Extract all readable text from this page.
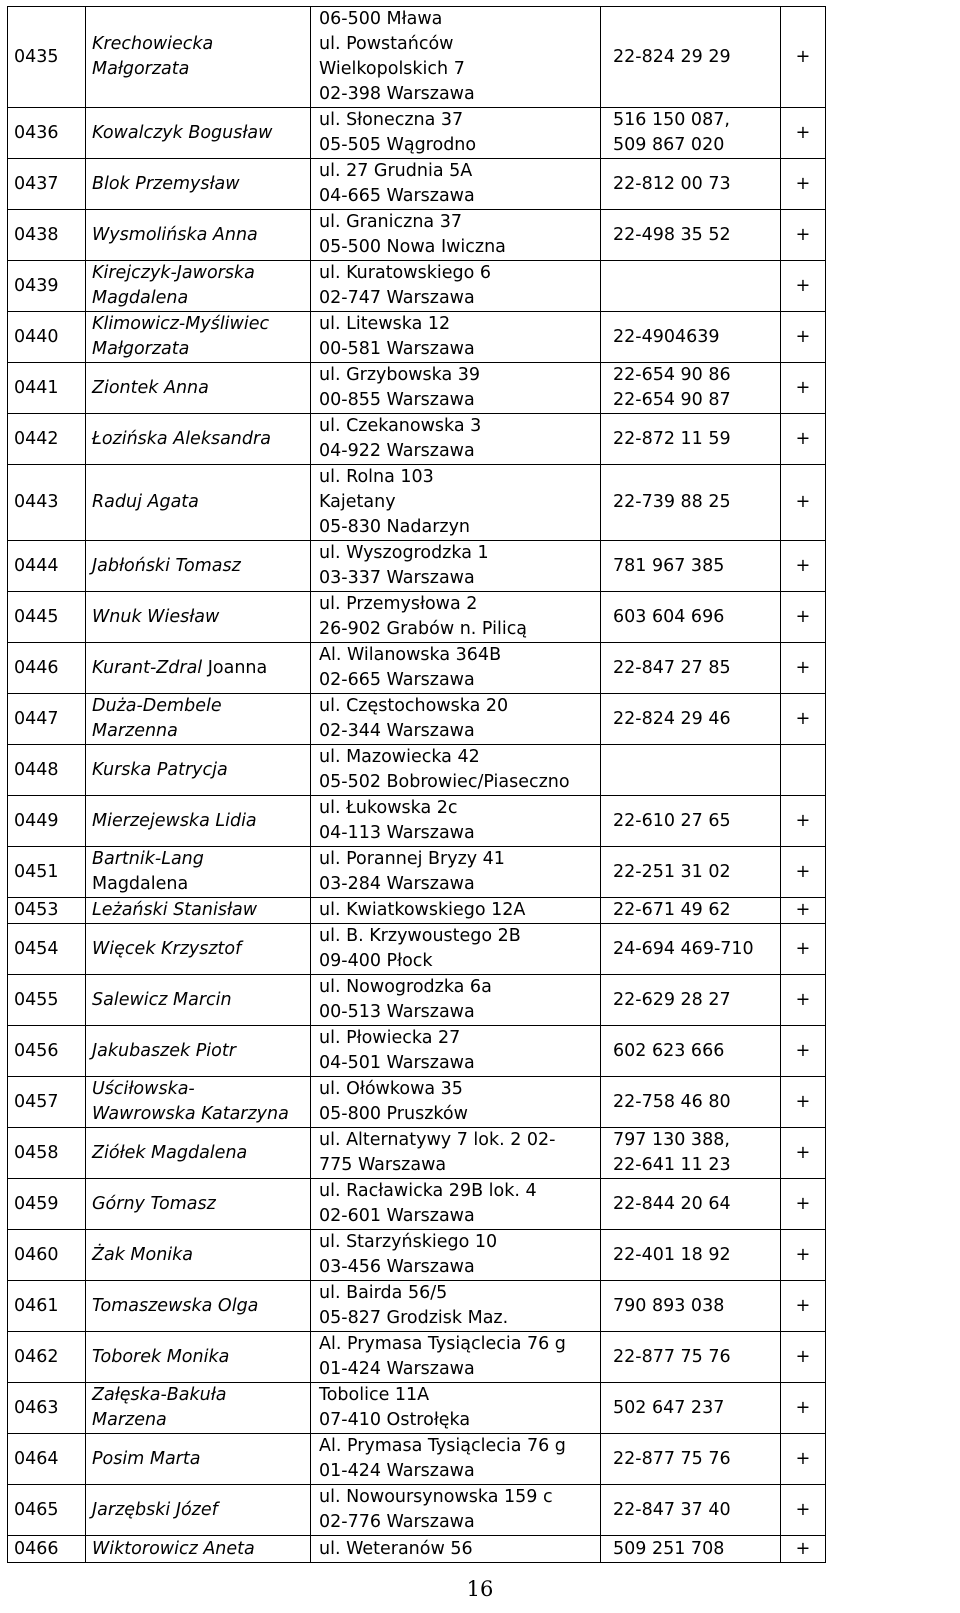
0435	Krechowiecka
Małgorzata	06-500 Mława
ul. Powstańców
Wielkopolskich 7
02-398 Warszawa	22-824 29 29	+
0436	Kowalczyk Bogusław	ul. Słoneczna 37
05-505 Wągrodno	516 150 087,
509 867 020	+
0437	Blok Przemysław	ul. 27 Grudnia 5A
04-665 Warszawa	22-812 00 73	+
0438	Wysmolińska Anna	ul. Graniczna 37
05-500 Nowa Iwiczna	22-498 35 52	+
0439	Kirejczyk-Jaworska
Magdalena	ul. Kuratowskiego 6
02-747 Warszawa		+
0440	Klimowicz-Myśliwiec
Małgorzata	ul. Litewska 12
00-581 Warszawa	22-4904639	+
0441	Ziontek Anna	ul. Grzybowska 39
00-855 Warszawa	22-654 90 86
22-654 90 87	+
0442	Łozińska Aleksandra	ul. Czekanowska 3
04-922 Warszawa	22-872 11 59	+
0443	Raduj Agata	ul. Rolna 103
Kajetany
05-830 Nadarzyn	22-739 88 25	+
0444	Jabłoński Tomasz	ul. Wyszogrodzka 1
03-337 Warszawa	781 967 385	+
0445	Wnuk Wiesław	ul. Przemysłowa 2
26-902 Grabów n. Pilicą	603 604 696	+
0446	Kurant-Zdral Joanna	Al. Wilanowska 364B
02-665 Warszawa	22-847 27 85	+
0447	Duża-Dembele
Marzenna	ul. Częstochowska 20
02-344 Warszawa	22-824 29 46	+
0448	Kurska Patrycja	ul. Mazowiecka 42
05-502 Bobrowiec/Piaseczno		
0449	Mierzejewska Lidia	ul. Łukowska 2c
04-113 Warszawa	22-610 27 65	+
0451	Bartnik-Lang
Magdalena	ul. Porannej Bryzy 41
03-284 Warszawa	22-251 31 02	+
0453	Leżański Stanisław	ul. Kwiatkowskiego 12A	22-671 49 62	+
0454	Więcek Krzysztof	ul. B. Krzywoustego 2B
09-400 Płock	24-694 469-710	+
0455	Salewicz Marcin	ul. Nowogrodzka 6a
00-513 Warszawa	22-629 28 27	+
0456	Jakubaszek Piotr	ul. Płowiecka 27
04-501 Warszawa	602 623 666	+
0457	Uściłowska-
Wawrowska Katarzyna	ul. Ołówkowa 35
05-800 Pruszków	22-758 46 80	+
0458	Ziółek Magdalena	ul. Alternatywy 7 lok. 2 02-
775 Warszawa	797 130 388,
22-641 11 23	+
0459	Górny Tomasz	ul. Racławicka 29B lok. 4
02-601 Warszawa	22-844 20 64	+
0460	Żak Monika	ul. Starzyńskiego 10
03-456 Warszawa	22-401 18 92	+
0461	Tomaszewska Olga	ul. Bairda 56/5
05-827 Grodzisk Maz.	790 893 038	+
0462	Toborek Monika	Al. Prymasa Tysiąclecia 76 g
01-424 Warszawa	22-877 75 76	+
0463	Załęska-Bakuła
Marzena	Tobolice 11A
07-410 Ostrołęka	502 647 237	+
0464	Posim Marta	Al. Prymasa Tysiąclecia 76 g
01-424 Warszawa	22-877 75 76	+
0465	Jarzębski Józef	ul. Nowoursynowska 159 c
02-776 Warszawa	22-847 37 40	+
0466	Wiktorowicz Aneta	ul. Weteranów 56	509 251 708	+
16
